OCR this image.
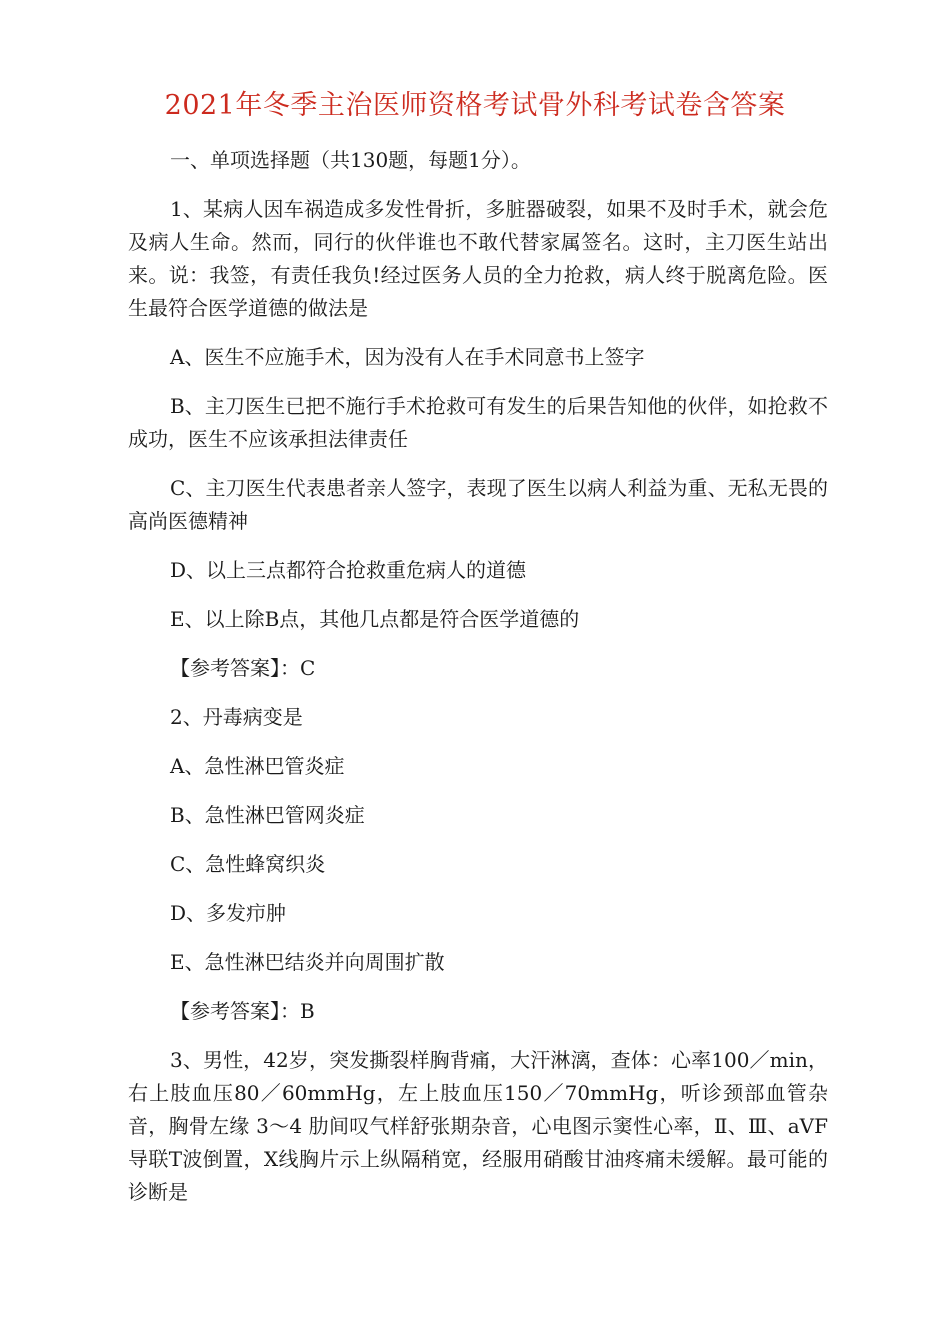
2021年冬季主治医师资格考试骨外科考试卷含答案

一、单项选择题（共130题，每题1分）。

1、某病人因车祸造成多发性骨折，多脏器破裂，如果不及时手术，就会危及病人生命。然而，同行的伙伴谁也不敢代替家属签名。这时，主刀医生站出来。说：我签，有责任我负!经过医务人员的全力抢救，病人终于脱离危险。医生最符合医学道德的做法是

A、医生不应施手术，因为没有人在手术同意书上签字

B、主刀医生已把不施行手术抢救可有发生的后果告知他的伙伴，如抢救不成功，医生不应该承担法律责任

C、主刀医生代表患者亲人签字，表现了医生以病人利益为重、无私无畏的高尚医德精神

D、以上三点都符合抢救重危病人的道德

E、以上除B点，其他几点都是符合医学道德的

【参考答案】：C

2、丹毒病变是

A、急性淋巴管炎症

B、急性淋巴管网炎症

C、急性蜂窝织炎

D、多发疖肿

E、急性淋巴结炎并向周围扩散

【参考答案】：B

3、男性，42岁，突发撕裂样胸背痛，大汗淋漓，查体：心率100／min，右上肢血压80／60mmHg，左上肢血压150／70mmHg，听诊颈部血管杂音，胸骨左缘 3～4 肋间叹气样舒张期杂音，心电图示窦性心率，Ⅱ、Ⅲ、aVF导联T波倒置，X线胸片示上纵隔稍宽，经服用硝酸甘油疼痛未缓解。最可能的诊断是
